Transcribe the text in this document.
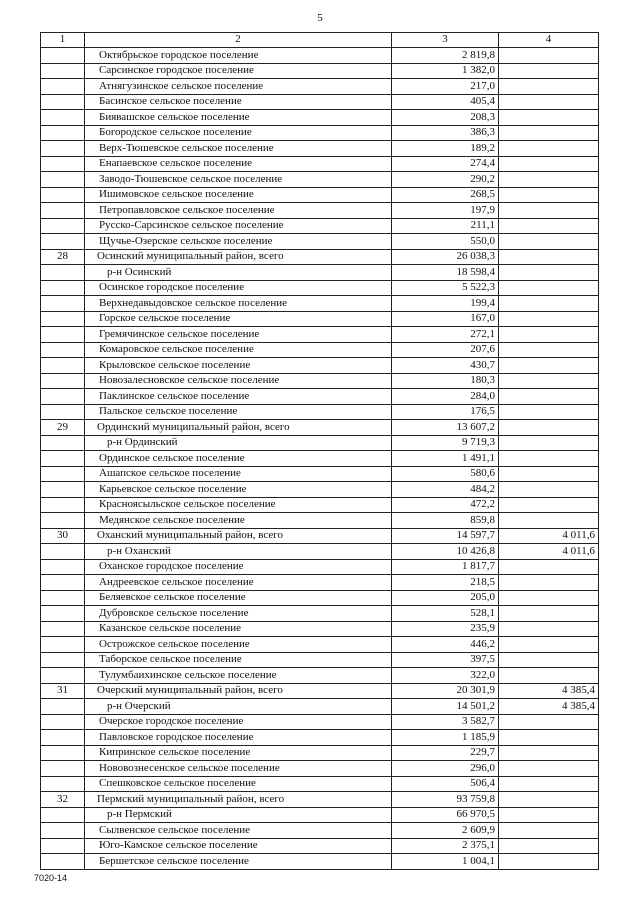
5
1	2	3	4
	Октябрьское городское поселение	2 819,8	
	Сарсинское городское поселение	1 382,0	
	Атнягузинское сельское поселение	217,0	
	Басинское сельское поселение	405,4	
	Биявашское сельское поселение	208,3	
	Богородское сельское поселение	386,3	
	Верх-Тюшевское сельское поселение	189,2	
	Енапаевское сельское поселение	274,4	
	Заводо-Тюшевское сельское поселение	290,2	
	Ишимовское сельское поселение	268,5	
	Петропавловское сельское поселение	197,9	
	Русско-Сарсинское сельское поселение	211,1	
	Щучье-Озерское сельское поселение	550,0	
28	Осинский муниципальный район, всего	26 038,3	
	р-н Осинский	18 598,4	
	Осинское городское поселение	5 522,3	
	Верхнедавыдовское сельское поселение	199,4	
	Горское сельское поселение	167,0	
	Гремячинское сельское поселение	272,1	
	Комаровское сельское поселение	207,6	
	Крыловское сельское поселение	430,7	
	Новозалесновское сельское поселение	180,3	
	Паклинское сельское поселение	284,0	
	Пальское сельское поселение	176,5	
29	Ординский муниципальный район, всего	13 607,2	
	р-н Ординский	9 719,3	
	Ординское сельское поселение	1 491,1	
	Ашапское сельское поселение	580,6	
	Карьевское сельское поселение	484,2	
	Красноясыльское сельское поселение	472,2	
	Медянское сельское поселение	859,8	
30	Оханский муниципальный район, всего	14 597,7	4 011,6
	р-н Оханский	10 426,8	4 011,6
	Оханское городское поселение	1 817,7	
	Андреевское сельское поселение	218,5	
	Беляевское сельское поселение	205,0	
	Дубровское сельское поселение	528,1	
	Казанское сельское поселение	235,9	
	Острожское сельское поселение	446,2	
	Таборское сельское поселение	397,5	
	Тулумбаихинское сельское поселение	322,0	
31	Очерский муниципальный район, всего	20 301,9	4 385,4
	р-н Очерский	14 501,2	4 385,4
	Очерское городское поселение	3 582,7	
	Павловское городское поселение	1 185,9	
	Кипринское сельское поселение	229,7	
	Нововознесенское сельское поселение	296,0	
	Спешковское сельское поселение	506,4	
32	Пермский муниципальный район, всего	93 759,8	
	р-н Пермский	66 970,5	
	Сылвенское сельское поселение	2 609,9	
	Юго-Камское сельское поселение	2 375,1	
	Бершетское сельское поселение	1 004,1	
7020-14
